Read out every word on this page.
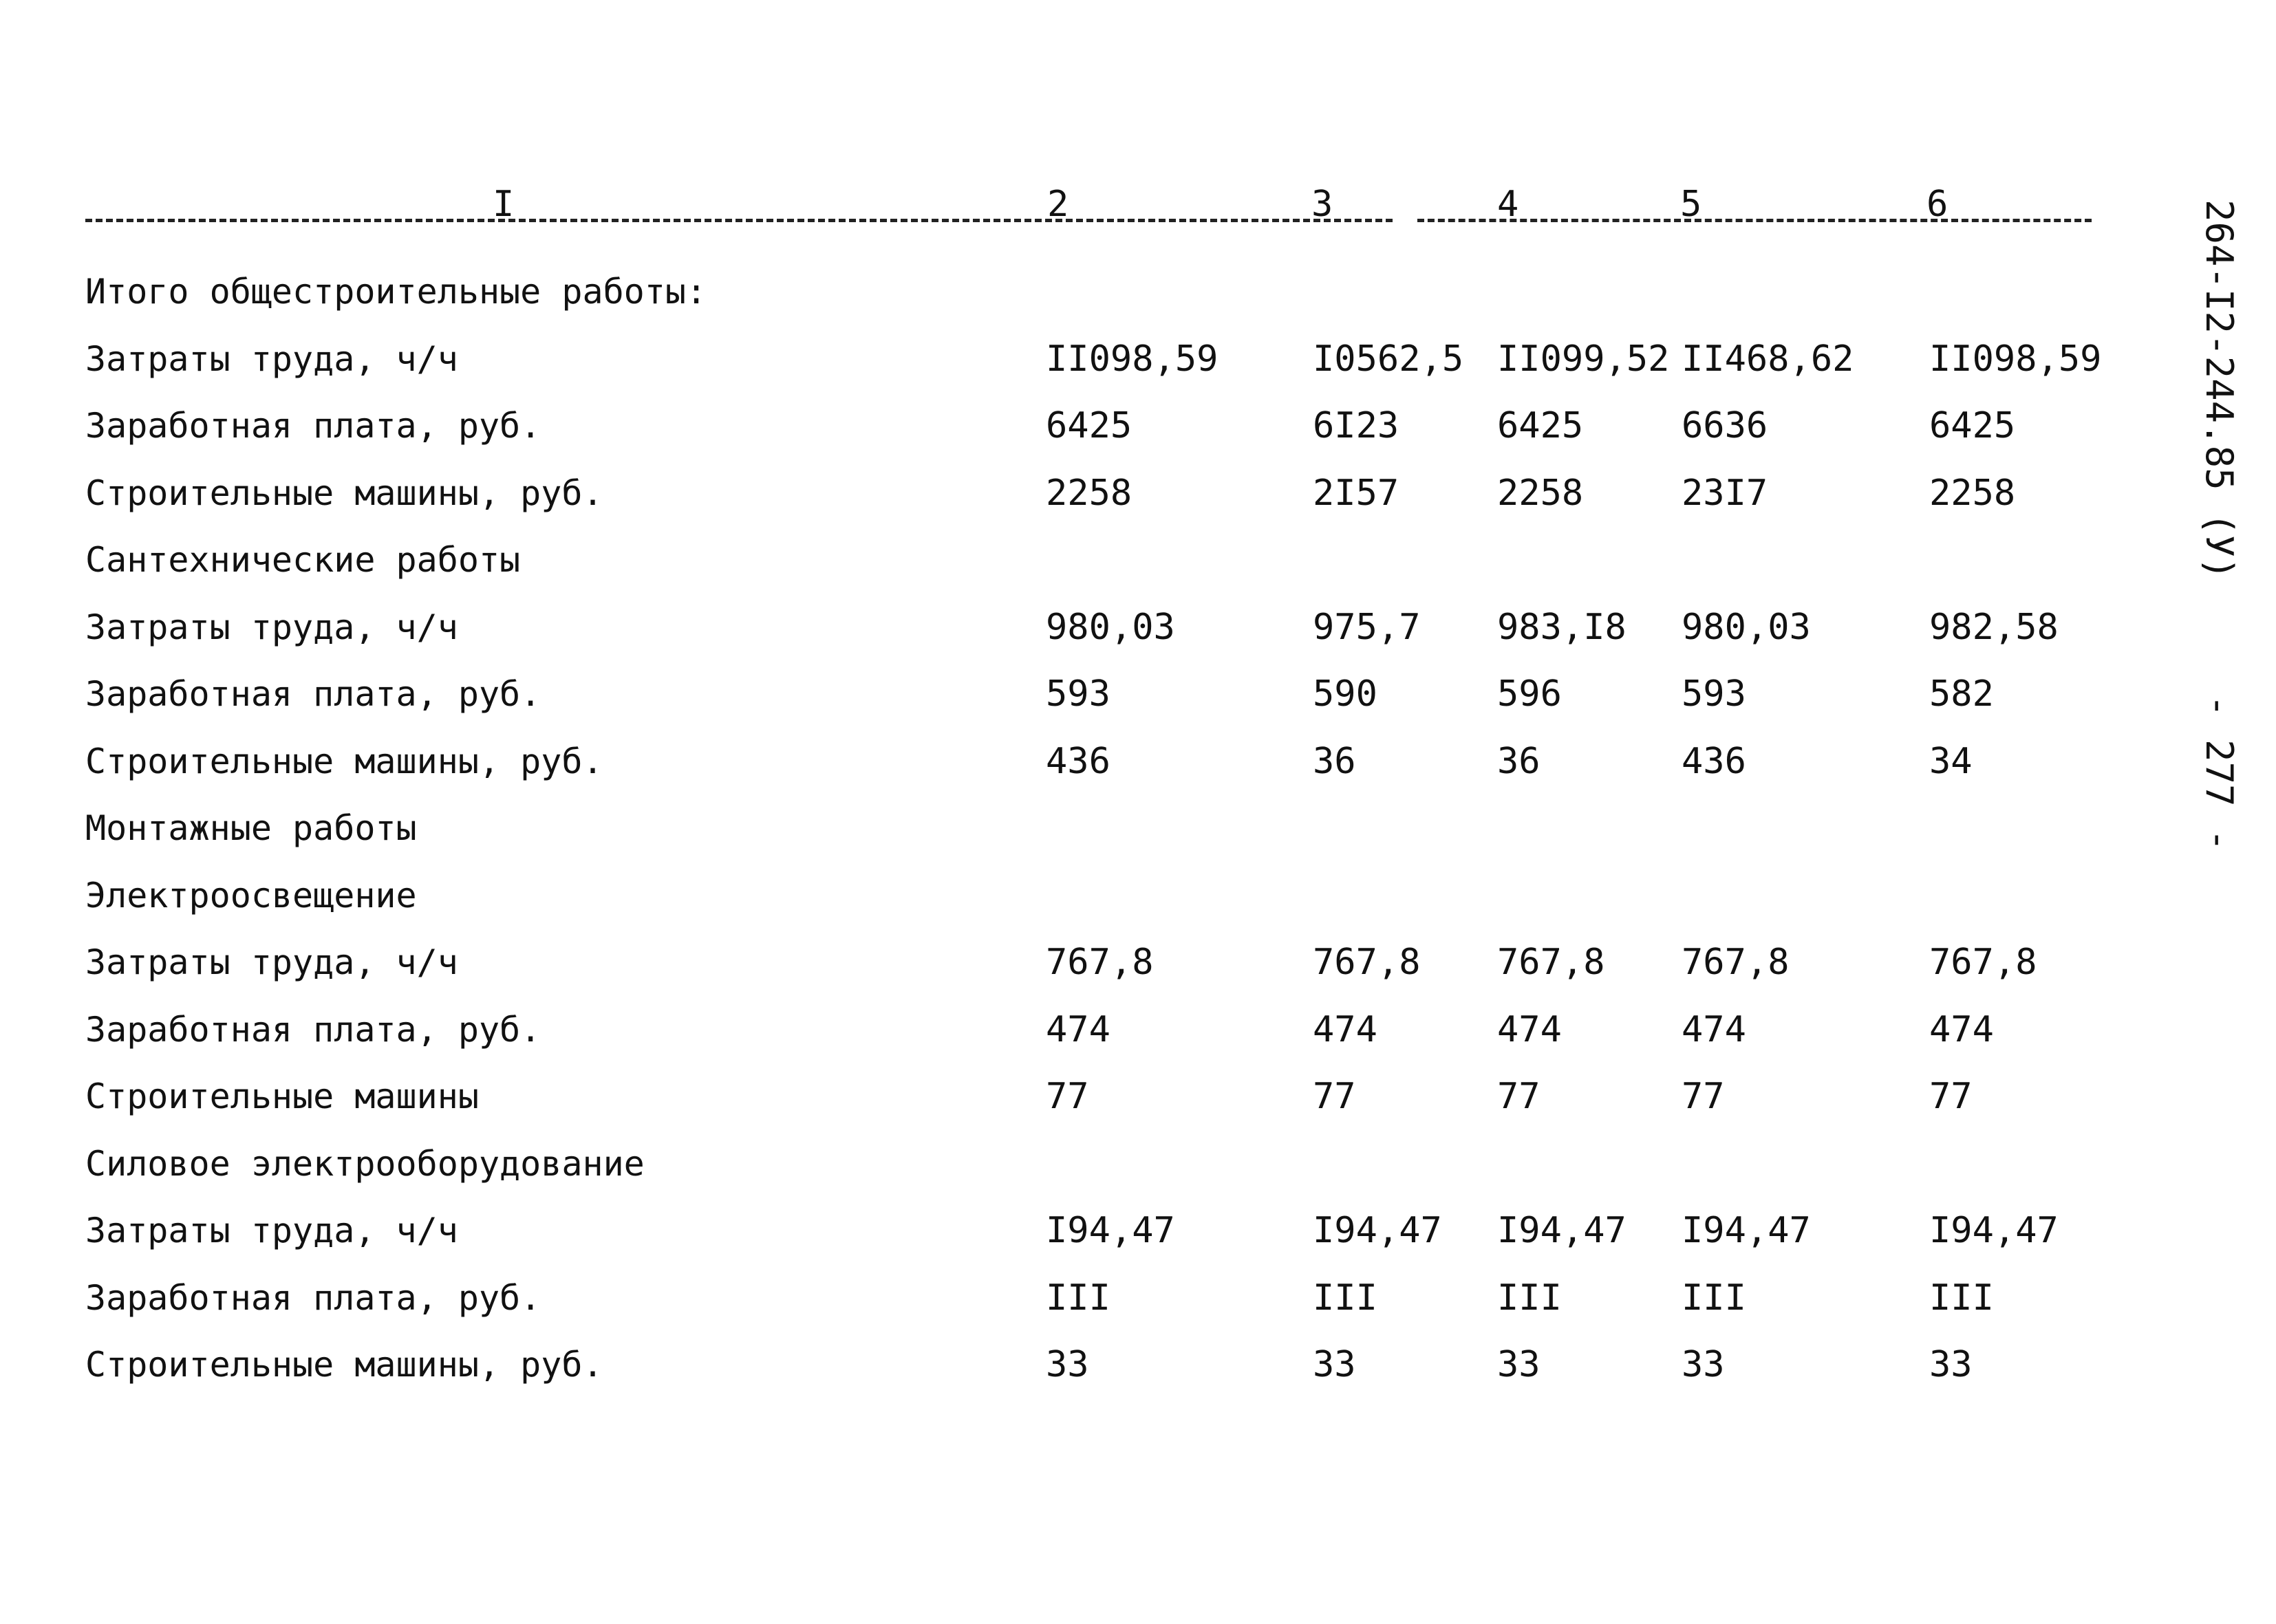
I	2	3	4	5	6
Итого общестроительные работы:
Затраты труда, ч/ч	II098,59	I0562,5 II099,52 II468,62 II098,59
Заработная плата, руб.	6425	6I23	6425	6636	6425
Строительные машины, руб.	2258	2I57	2258	23I7	2258
Сантехнические работы
Затраты труда, ч/ч	980,03	975,7 983,I8 980,03	982,58
Заработная плата, руб.	593	590	596	593	582
Строительные машины, руб.	436	36	36	436	34
Монтажные работы
Электроосвещение
Затраты труда, ч/ч	767,8	767,8 767,8 767,8	767,8
Заработная плата, руб.	474	474	474	474	474
Строительные машины	77	77	77	77	77
Силовое электрооборудование
Затраты труда, ч/ч	I94,47	I94,47 I94,47 I94,47	I94,47
Заработная плата, руб.	III	III	III	III	III
Строительные машины, руб.	33	33	33	33	33
264-I2-244.85 (У)
- 277 -
